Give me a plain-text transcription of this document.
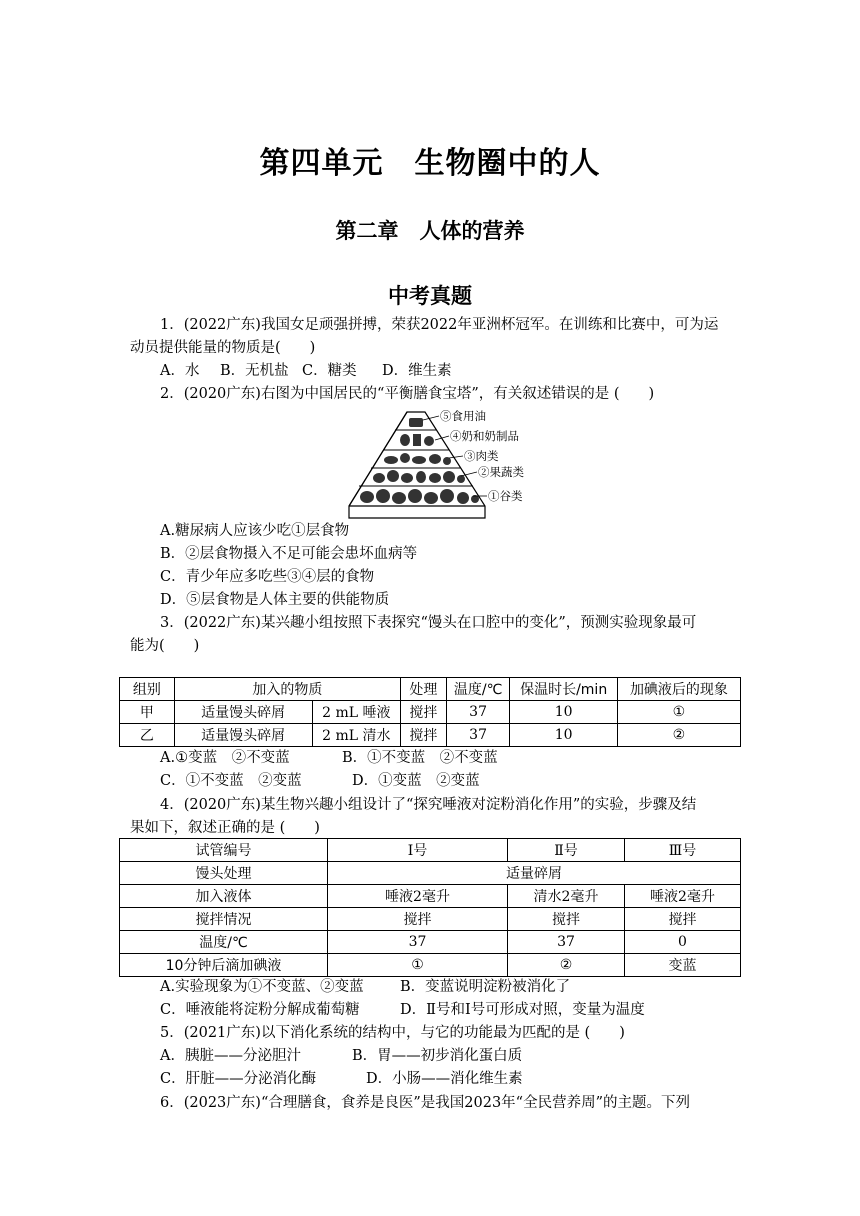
第四单元　生物圈中的人
第二章　人体的营养
中考真题
1．(2022广东)我国女足顽强拼搏，荣获2022年亚洲杯冠军。在训练和比赛中，可为运
动员提供能量的物质是(　　)
A．水 B．无机盐 C．糖类 D．维生素
2．(2020广东)右图为中国居民的“平衡膳食宝塔”，有关叙述错误的是 (　　)
⑤食用油
④奶和奶制品
③肉类
②果蔬类
①谷类
A.糖尿病人应该少吃①层食物
B．②层食物摄入不足可能会患坏血病等
C．青少年应多吃些③④层的食物
D．⑤层食物是人体主要的供能物质
3．(2022广东)某兴趣小组按照下表探究“馒头在口腔中的变化”，预测实验现象最可
能为(　　)
组别	加入的物质		处理	温度/℃	保温时长/min	加碘液后的现象
甲	适量馒头碎屑	2 mL 唾液	搅拌	37	10	①
乙	适量馒头碎屑	2 mL 清水	搅拌	37	10	②
A.①变蓝　②不变蓝	B．①不变蓝　②不变蓝
C．①不变蓝　②变蓝	D．①变蓝　②变蓝
4．(2020广东)某生物兴趣小组设计了“探究唾液对淀粉消化作用”的实验，步骤及结
果如下，叙述正确的是 (　　)
试管编号	Ⅰ号	Ⅱ号	Ⅲ号
馒头处理	适量碎屑		
加入液体	唾液2毫升	清水2毫升	唾液2毫升
搅拌情况	搅拌	搅拌	搅拌
温度/℃	37	37	0
10分钟后滴加碘液	①	②	变蓝
A.实验现象为①不变蓝、②变蓝	B．变蓝说明淀粉被消化了
C．唾液能将淀粉分解成葡萄糖	D．Ⅱ号和Ⅰ号可形成对照，变量为温度
5．(2021广东)以下消化系统的结构中，与它的功能最为匹配的是 (　　)
A．胰脏——分泌胆汁	B．胃——初步消化蛋白质
C．肝脏——分泌消化酶	D．小肠——消化维生素
6．(2023广东)“合理膳食，食养是良医”是我国2023年“全民营养周”的主题。下列
